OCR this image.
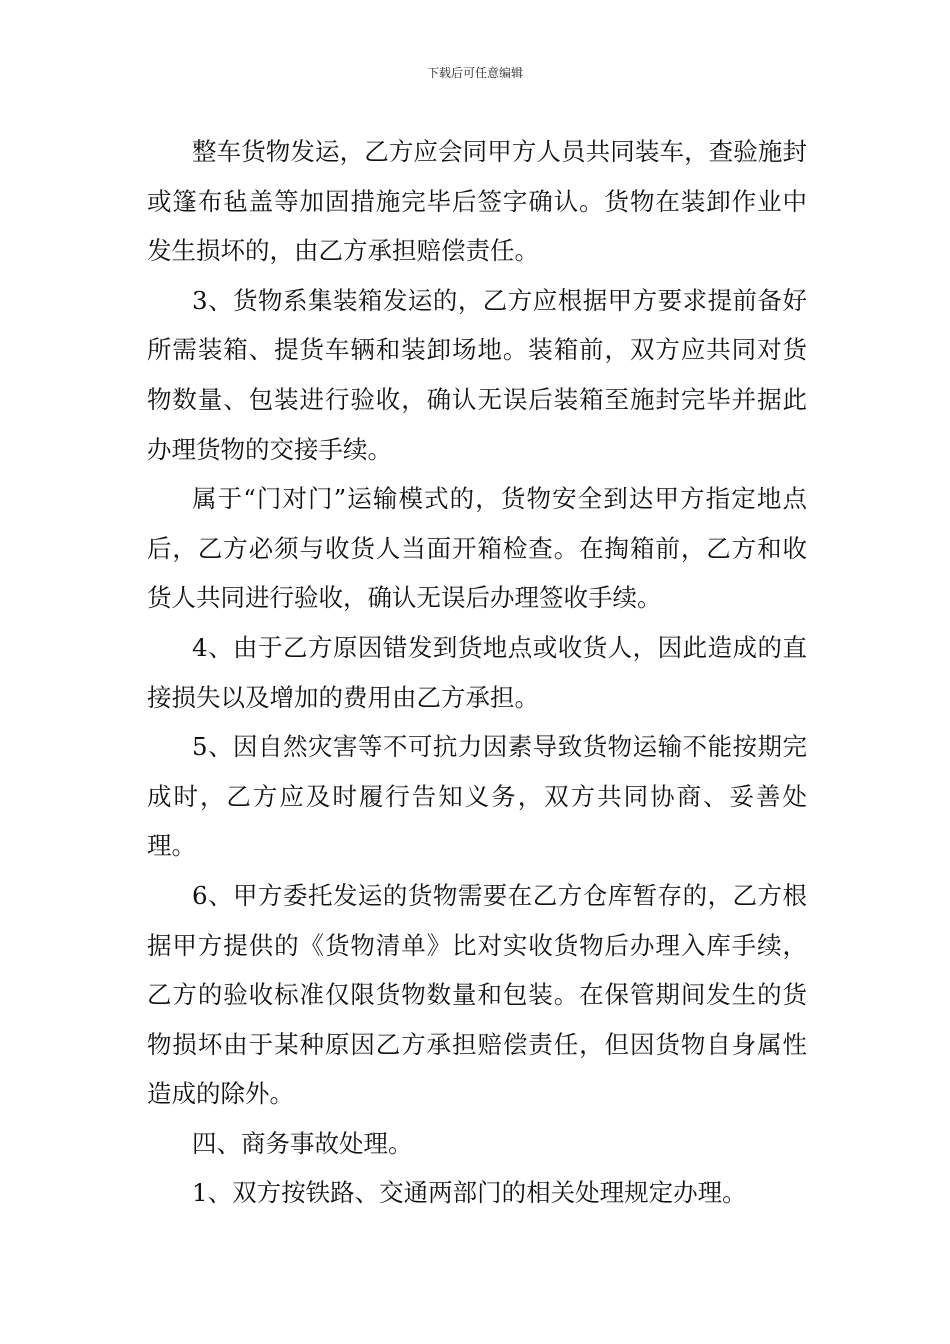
下载后可任意编辑

整车货物发运，乙方应会同甲方人员共同装车，查验施封或篷布毡盖等加固措施完毕后签字确认。货物在装卸作业中发生损坏的，由乙方承担赔偿责任。

3、货物系集装箱发运的，乙方应根据甲方要求提前备好所需装箱、提货车辆和装卸场地。装箱前，双方应共同对货物数量、包装进行验收，确认无误后装箱至施封完毕并据此办理货物的交接手续。

属于“门对门”运输模式的，货物安全到达甲方指定地点后，乙方必须与收货人当面开箱检查。在掏箱前，乙方和收货人共同进行验收，确认无误后办理签收手续。

4、由于乙方原因错发到货地点或收货人，因此造成的直接损失以及增加的费用由乙方承担。

5、因自然灾害等不可抗力因素导致货物运输不能按期完成时，乙方应及时履行告知义务，双方共同协商、妥善处理。

6、甲方委托发运的货物需要在乙方仓库暂存的，乙方根据甲方提供的《货物清单》比对实收货物后办理入库手续，乙方的验收标准仅限货物数量和包装。在保管期间发生的货物损坏由于某种原因乙方承担赔偿责任，但因货物自身属性造成的除外。

四、商务事故处理。

1、双方按铁路、交通两部门的相关处理规定办理。
